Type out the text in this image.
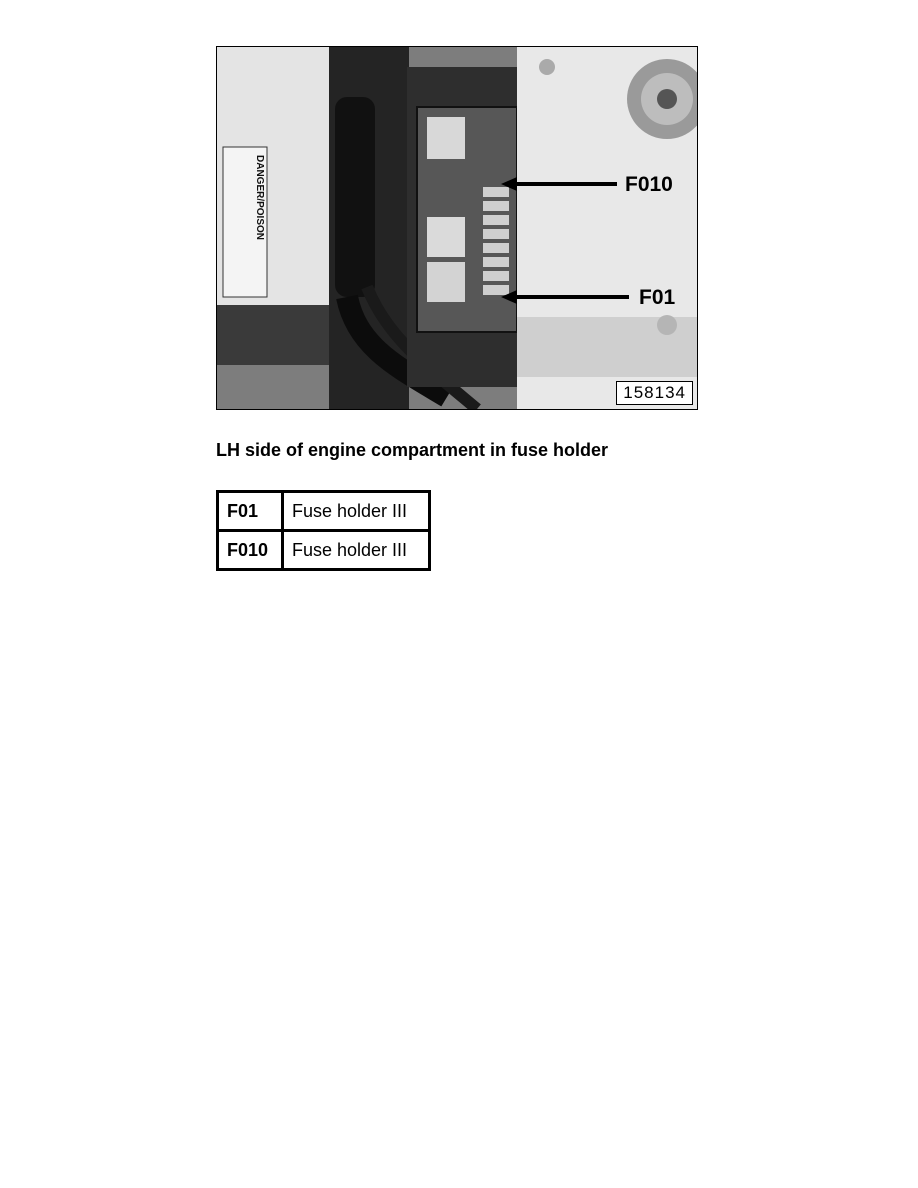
DANGER/POISON	F010
F01
158134
LH side of engine compartment in fuse holder
F01	Fuse holder III
F010	Fuse holder III
